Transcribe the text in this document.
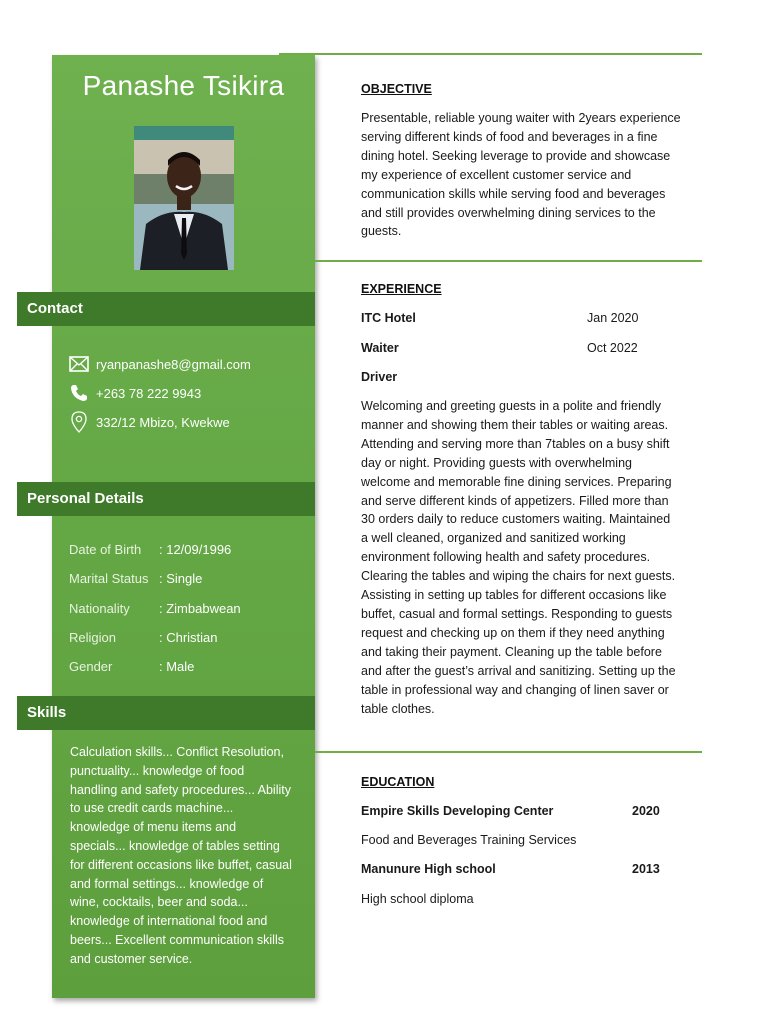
Panashe Tsikira
Contact
ryanpanashe8@gmail.com
+263 78 222 9943
332/12 Mbizo, Kwekwe
Personal Details
Date of Birth : 12/09/1996
Marital Status : Single
Nationality : Zimbabwean
Religion	: Christian
Gender	: Male
Skills
Calculation skills... Conflict Resolution, punctuality... knowledge of food handling and safety procedures... Ability to use credit cards machine... knowledge of menu items and specials... knowledge of tables setting for different occasions like buffet, casual and formal settings... knowledge of wine, cocktails, beer and soda... knowledge of international food and beers... Excellent communication skills and customer service.
OBJECTIVE
Presentable, reliable young waiter with 2years experience serving different kinds of food and beverages in a fine dining hotel. Seeking leverage to provide and showcase my experience of excellent customer service and communication skills while serving food and beverages and still provides overwhelming dining services to the guests.
EXPERIENCE
ITC Hotel	Jan 2020
Waiter	Oct 2022
Driver
Welcoming and greeting guests in a polite and friendly manner and showing them their tables or waiting areas. Attending and serving more than 7tables on a busy shift day or night. Providing guests with overwhelming welcome and memorable fine dining services. Preparing and serve different kinds of appetizers. Filled more than 30 orders daily to reduce customers waiting. Maintained a well cleaned, organized and sanitized working environment following health and safety procedures. Clearing the tables and wiping the chairs for next guests. Assisting in setting up tables for different occasions like buffet, casual and formal settings. Responding to guests request and checking up on them if they need anything and taking their payment. Cleaning up the table before and after the guest’s arrival and sanitizing. Setting up the table in professional way and changing of linen saver or table clothes.
EDUCATION
Empire Skills Developing Center	2020
Food and Beverages Training Services
Manunure High school	2013
High school diploma
